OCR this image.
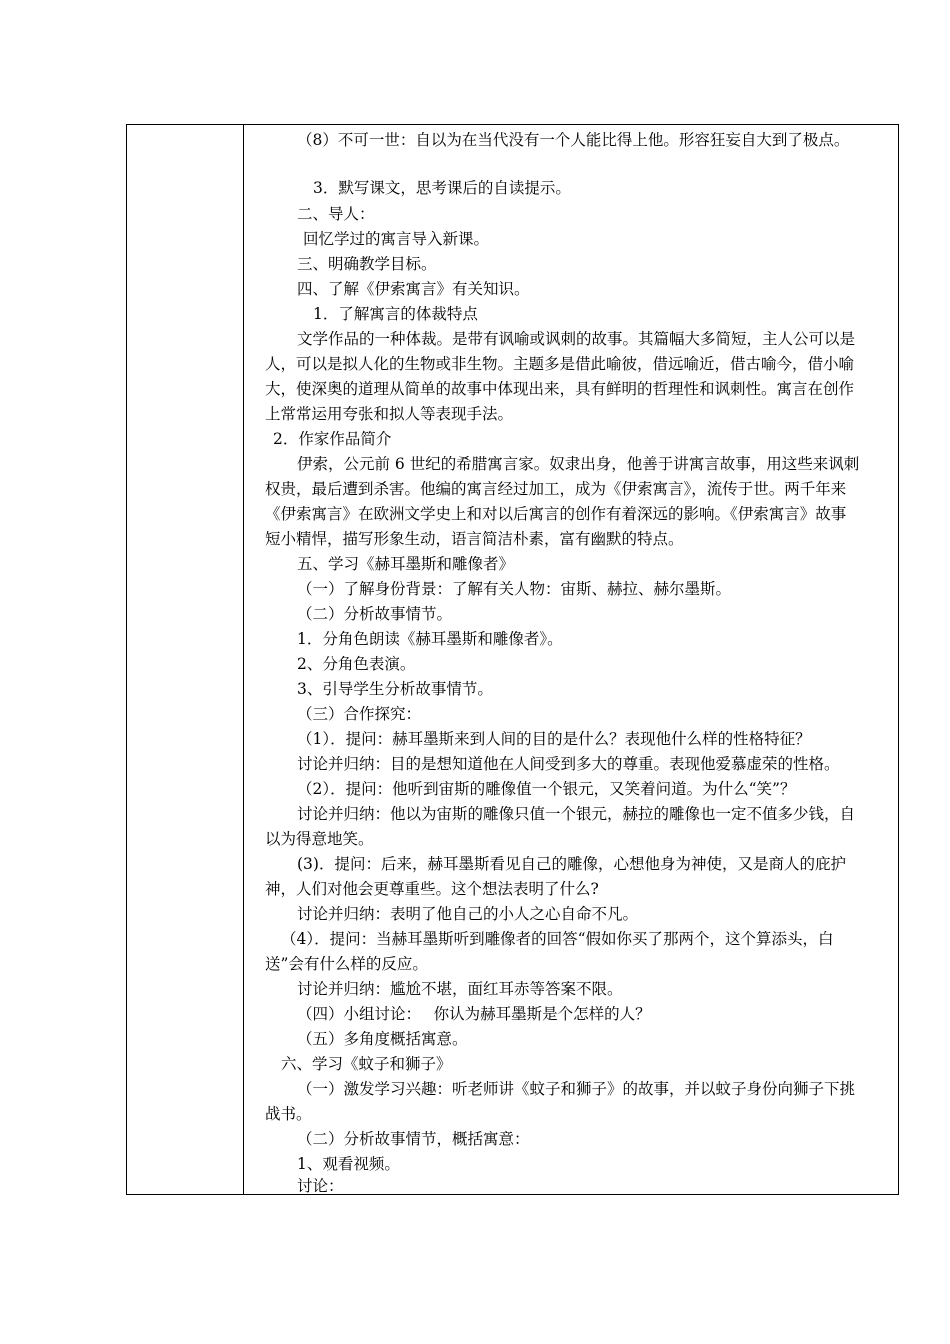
（8）不可一世：自以为在当代没有一个人能比得上他。形容狂妄自大到了极点。
3．默写课文，思考课后的自读提示。
二、导人：
回忆学过的寓言导入新课。
三、明确教学目标。
四、了解《伊索寓言》有关知识。
1．了解寓言的体裁特点
文学作品的一种体裁。是带有讽喻或讽刺的故事。其篇幅大多简短，主人公可以是
人，可以是拟人化的生物或非生物。主题多是借此喻彼，借远喻近，借古喻今，借小喻
大，使深奥的道理从简单的故事中体现出来，具有鲜明的哲理性和讽刺性。寓言在创作
上常常运用夸张和拟人等表现手法。
2．作家作品简介
伊索，公元前 6 世纪的希腊寓言家。奴隶出身，他善于讲寓言故事，用这些来讽刺
权贵，最后遭到杀害。他编的寓言经过加工，成为《伊索寓言》，流传于世。两千年来
《伊索寓言》在欧洲文学史上和对以后寓言的创作有着深远的影响。《伊索寓言》故事
短小精悍，描写形象生动，语言简洁朴素，富有幽默的特点。
五、学习《赫耳墨斯和雕像者》
（一）了解身份背景：了解有关人物：宙斯、赫拉、赫尔墨斯。
（二）分析故事情节。
1．分角色朗读《赫耳墨斯和雕像者》。
2、分角色表演。
3、引导学生分析故事情节。
（三）合作探究：
（1）．提问：赫耳墨斯来到人间的目的是什么？表现他什么样的性格特征？
讨论并归纳：目的是想知道他在人间受到多大的尊重。表现他爱慕虚荣的性格。
（2）．提问：他听到宙斯的雕像值一个银元，又笑着问道。为什么“笑”？
讨论并归纳：他以为宙斯的雕像只值一个银元，赫拉的雕像也一定不值多少钱，自
以为得意地笑。
(3)．提问：后来，赫耳墨斯看见自己的雕像，心想他身为神使，又是商人的庇护
神，人们对他会更尊重些。这个想法表明了什么?
讨论并归纳：表明了他自己的小人之心自命不凡。
（4）．提问：当赫耳墨斯听到雕像者的回答“假如你买了那两个，这个算添头，白
送”会有什么样的反应。
讨论并归纳：尴尬不堪，面红耳赤等答案不限。
（四）小组讨论：　 你认为赫耳墨斯是个怎样的人？
（五）多角度概括寓意。
六、学习《蚊子和狮子》
（一）激发学习兴趣：听老师讲《蚊子和狮子》的故事，并以蚊子身份向狮子下挑
战书。
（二）分析故事情节，概括寓意：
1、观看视频。
讨论：
